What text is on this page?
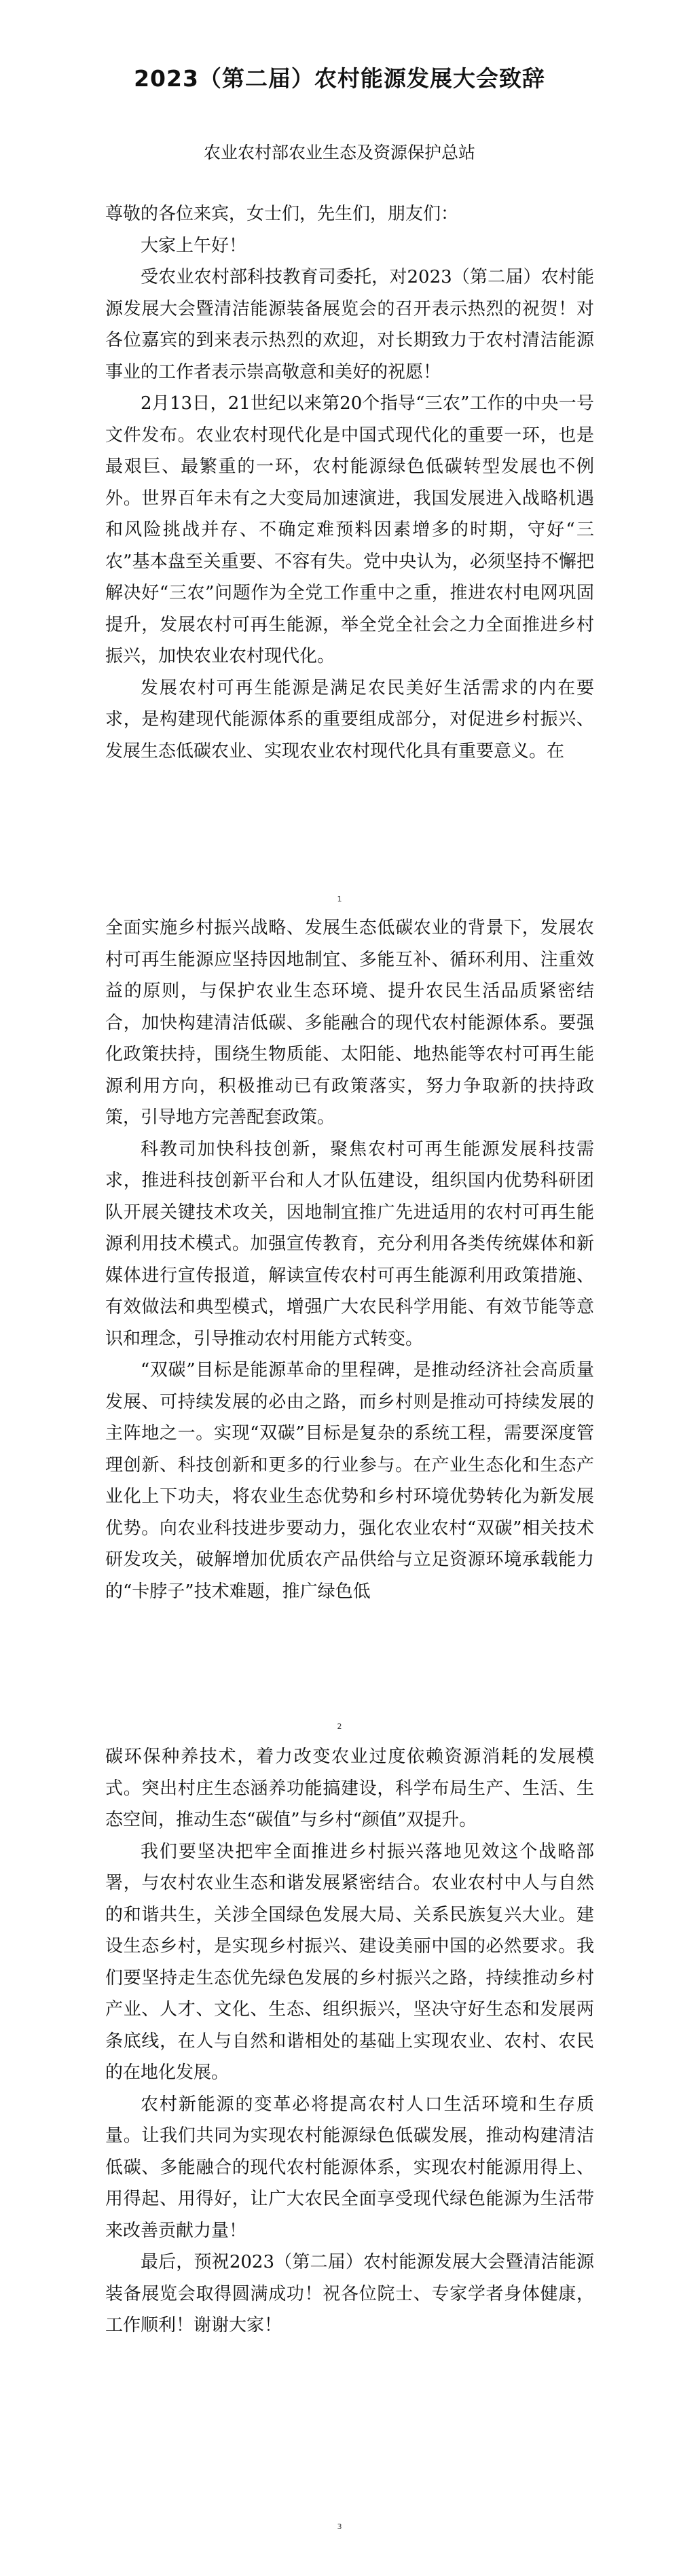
2023（第二届）农村能源发展大会致辞
农业农村部农业生态及资源保护总站

尊敬的各位来宾，女士们，先生们，朋友们：

大家上午好！

受农业农村部科技教育司委托，对2023（第二届）农村能源发展大会暨清洁能源装备展览会的召开表示热烈的祝贺！对各位嘉宾的到来表示热烈的欢迎，对长期致力于农村清洁能源事业的工作者表示崇高敬意和美好的祝愿！

2月13日，21世纪以来第20个指导“三农”工作的中央一号文件发布。农业农村现代化是中国式现代化的重要一环，也是最艰巨、最繁重的一环，农村能源绿色低碳转型发展也不例外。世界百年未有之大变局加速演进，我国发展进入战略机遇和风险挑战并存、不确定难预料因素增多的时期，守好“三农”基本盘至关重要、不容有失。党中央认为，必须坚持不懈把解决好“三农”问题作为全党工作重中之重，推进农村电网巩固提升，发展农村可再生能源，举全党全社会之力全面推进乡村振兴，加快农业农村现代化。

发展农村可再生能源是满足农民美好生活需求的内在要求，是构建现代能源体系的重要组成部分，对促进乡村振兴、发展生态低碳农业、实现农业农村现代化具有重要意义。在

1

全面实施乡村振兴战略、发展生态低碳农业的背景下，发展农村可再生能源应坚持因地制宜、多能互补、循环利用、注重效益的原则，与保护农业生态环境、提升农民生活品质紧密结合，加快构建清洁低碳、多能融合的现代农村能源体系。要强化政策扶持，围绕生物质能、太阳能、地热能等农村可再生能源利用方向，积极推动已有政策落实，努力争取新的扶持政策，引导地方完善配套政策。

科教司加快科技创新，聚焦农村可再生能源发展科技需求，推进科技创新平台和人才队伍建设，组织国内优势科研团队开展关键技术攻关，因地制宜推广先进适用的农村可再生能源利用技术模式。加强宣传教育，充分利用各类传统媒体和新媒体进行宣传报道，解读宣传农村可再生能源利用政策措施、有效做法和典型模式，增强广大农民科学用能、有效节能等意识和理念，引导推动农村用能方式转变。

“双碳”目标是能源革命的里程碑，是推动经济社会高质量发展、可持续发展的必由之路，而乡村则是推动可持续发展的主阵地之一。实现“双碳”目标是复杂的系统工程，需要深度管理创新、科技创新和更多的行业参与。在产业生态化和生态产业化上下功夫，将农业生态优势和乡村环境优势转化为新发展优势。向农业科技进步要动力，强化农业农村“双碳”相关技术研发攻关，破解增加优质农产品供给与立足资源环境承载能力的“卡脖子”技术难题，推广绿色低

2

碳环保种养技术，着力改变农业过度依赖资源消耗的发展模式。突出村庄生态涵养功能搞建设，科学布局生产、生活、生态空间，推动生态“碳值”与乡村“颜值”双提升。

我们要坚决把牢全面推进乡村振兴落地见效这个战略部署，与农村农业生态和谐发展紧密结合。农业农村中人与自然的和谐共生，关涉全国绿色发展大局、关系民族复兴大业。建设生态乡村，是实现乡村振兴、建设美丽中国的必然要求。我们要坚持走生态优先绿色发展的乡村振兴之路，持续推动乡村产业、人才、文化、生态、组织振兴，坚决守好生态和发展两条底线，在人与自然和谐相处的基础上实现农业、农村、农民的在地化发展。

农村新能源的变革必将提高农村人口生活环境和生存质量。让我们共同为实现农村能源绿色低碳发展，推动构建清洁低碳、多能融合的现代农村能源体系，实现农村能源用得上、用得起、用得好，让广大农民全面享受现代绿色能源为生活带来改善贡献力量！

最后，预祝2023（第二届）农村能源发展大会暨清洁能源装备展览会取得圆满成功！祝各位院士、专家学者身体健康，工作顺利！谢谢大家！

3
